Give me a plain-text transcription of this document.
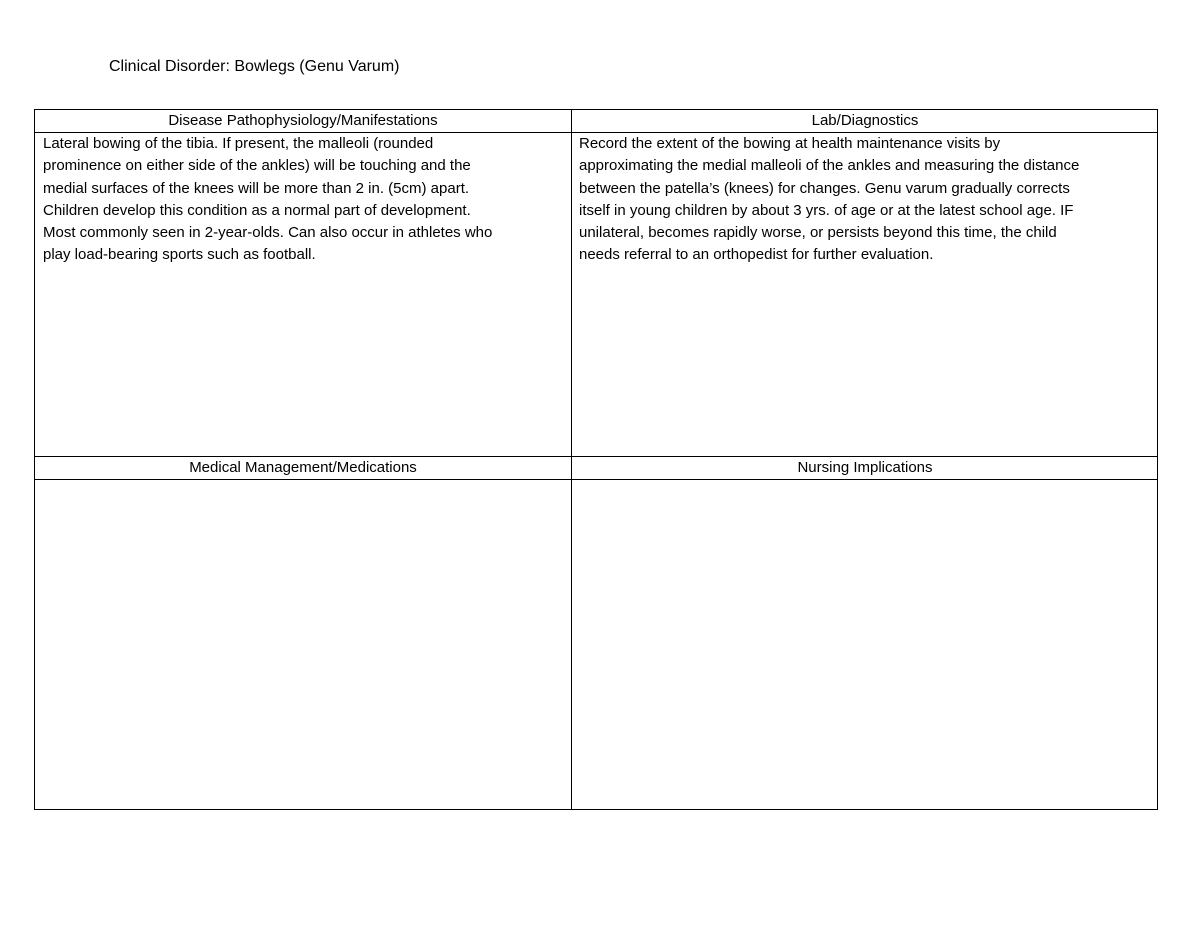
Clinical Disorder: Bowlegs (Genu Varum)
Disease Pathophysiology/Manifestations	Lab/Diagnostics
Lateral bowing of the tibia. If present, the malleoli (rounded
prominence on either side of the ankles) will be touching and the
medial surfaces of the knees will be more than 2 in. (5cm) apart.
Children develop this condition as a normal part of development.
Most commonly seen in 2-year-olds. Can also occur in athletes who
play load-bearing sports such as football.
Record the extent of the bowing at health maintenance visits by
approximating the medial malleoli of the ankles and measuring the distance
between the patella’s (knees) for changes. Genu varum gradually corrects
itself in young children by about 3 yrs. of age or at the latest school age. IF
unilateral, becomes rapidly worse, or persists beyond this time, the child
needs referral to an orthopedist for further evaluation.
Medical Management/Medications	Nursing Implications
